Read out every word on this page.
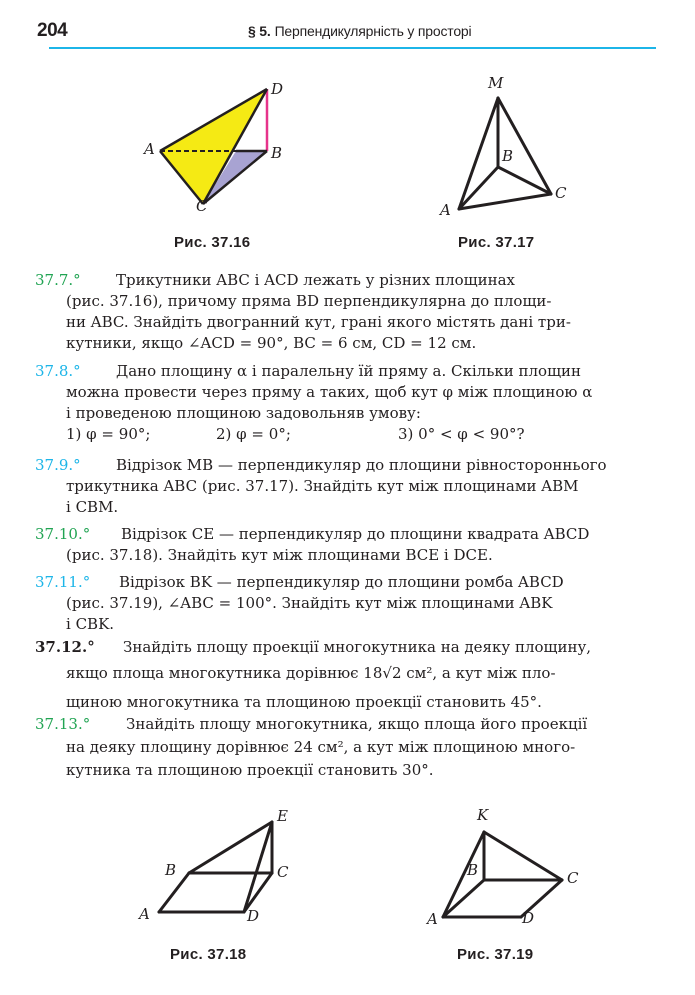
204	§ 5. Перпендикулярність у просторі
A	B
C
D
Рис. 37.16
M
B
A
C
Рис. 37.17
37.7.°	Трикутники ABC і ACD лежать у різних площинах
(рис. 37.16), причому пряма BD перпендикулярна до площи-
ни ABC. Знайдіть двогранний кут, грані якого містять дані три-
кутники, якщо ∠ACD = 90°, BC = 6 см, CD = 12 см.
37.8.°	Дано площину α і паралельну їй пряму a. Скільки площин
можна провести через пряму a таких, щоб кут φ між площиною α
і проведеною площиною задовольняв умову:
1) φ = 90°;	2) φ = 0°;	3) 0° < φ < 90°?
37.9.°	Відрізок MB — перпендикуляр до площини рівностороннього
трикутника ABC (рис. 37.17). Знайдіть кут між площинами ABM
і CBM.
37.10.°	Відрізок CE — перпендикуляр до площини квадрата ABCD
(рис. 37.18). Знайдіть кут між площинами BCE і DCE.
37.11.°	Відрізок BK — перпендикуляр до площини ромба ABCD
(рис. 37.19), ∠ABC = 100°. Знайдіть кут між площинами ABK
і CBK.
37.12.°	Знайдіть площу проекції многокутника на деяку площину,
якщо площа многокутника дорівнює 18√2 см², а кут між пло-
щиною многокутника та площиною проекції становить 45°.
37.13.°	Знайдіть площу многокутника, якщо площа його проекції
на деяку площину дорівнює 24 см², а кут між площиною много-
кутника та площиною проекції становить 30°.
E
B	C
A	D
Рис. 37.18
K
B	C
A	D
Рис. 37.19
